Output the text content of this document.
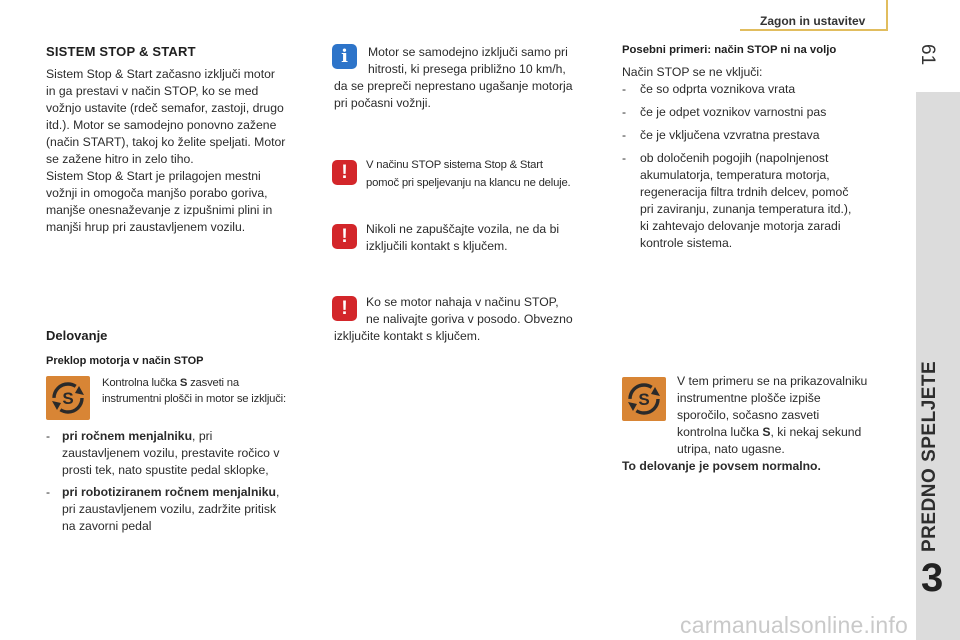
Zagon in ustavitev
61
PREDNO SPELJETE
3
SISTEM STOP & START

Sistem Stop & Start začasno izključi motor

in ga prestavi v način STOP, ko se med

vožnjo ustavite (rdeč semafor, zastoji, drugo

itd.). Motor se samodejno ponovno zažene

(način START), takoj ko želite speljati. Motor

se zažene hitro in zelo tiho.

Sistem Stop & Start je prilagojen mestni

vožnji in omogoča manjšo porabo goriva,

manjše onesnaževanje z izpušnimi plini in

manjši hrup pri zaustavljenem vozilu.

Delovanje
Preklop motorja v način STOP
S

Kontrolna lučka S zasveti na

instrumentni plošči in motor se izključi:

- pri ročnem menjalniku, pri

zaustavljenem vozilu, prestavite ročico v

prosti tek, nato spustite pedal sklopke,

- pri robotiziranem ročnem menjalniku,

pri zaustavljenem vozilu, zadržite pritisk

na zavorni pedal

i	Motor se samodejno izključi samo pri

hitrosti, ki presega približno 10 km/h,

da se prepreči neprestano ugašanje motorja

pri počasni vožnji.

!	V načinu STOP sistema Stop & Start

pomoč pri speljevanju na klancu ne deluje.

!	Nikoli ne zapuščajte vozila, ne da bi

izključili kontakt s ključem.

!	Ko se motor nahaja v načinu STOP,

ne nalivajte goriva v posodo. Obvezno

izključite kontakt s ključem.

Posebni primeri: način STOP ni na voljo
Način STOP se ne vključi:
- če so odprta voznikova vrata

- če je odpet voznikov varnostni pas

- če je vključena vzvratna prestava

- ob določenih pogojih (napolnjenost

akumulatorja, temperatura motorja,

regeneracija filtra trdnih delcev, pomoč

pri zaviranju, zunanja temperatura itd.),

ki zahtevajo delovanje motorja zaradi

kontrole sistema.

S

V tem primeru se na prikazovalniku

instrumentne plošče izpiše

sporočilo, sočasno zasveti

kontrolna lučka S, ki nekaj sekund

utripa, nato ugasne.

To delovanje je povsem normalno.
carmanualsonline.info
